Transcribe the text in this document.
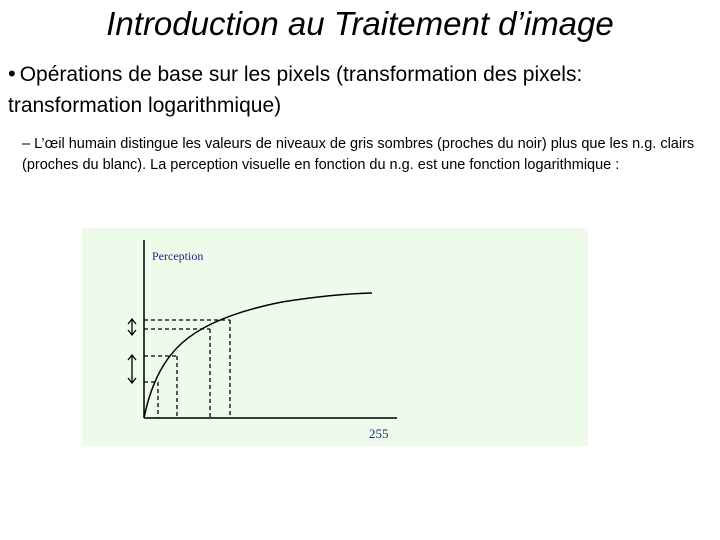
Introduction au Traitement d’image
• Opérations de base sur les pixels (transformation des pixels:
transformation logarithmique)
– L’œil humain distingue les valeurs de niveaux de gris sombres (proches du noir) plus que les n.g. clairs (proches du blanc). La perception visuelle en fonction du n.g. est une fonction logarithmique :
Perception
255
